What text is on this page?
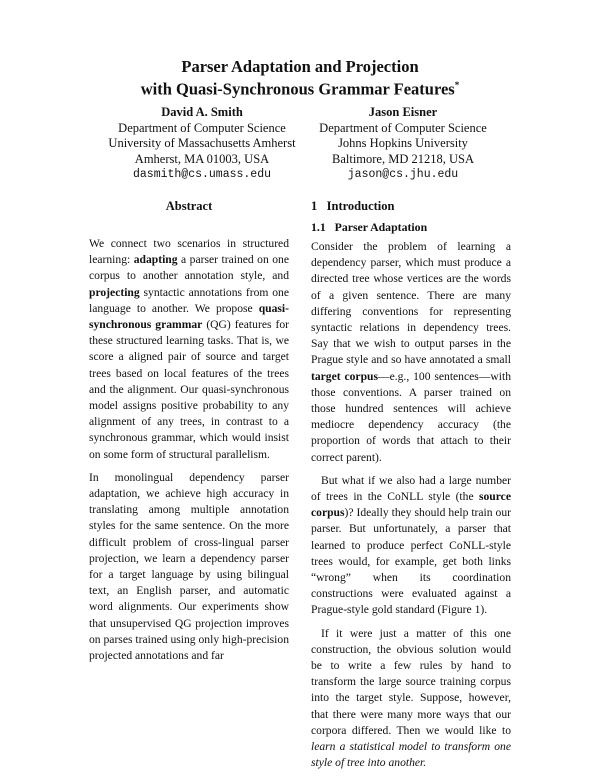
Parser Adaptation and Projection
with Quasi-Synchronous Grammar Features*
David A. Smith
Department of Computer Science
University of Massachusetts Amherst
Amherst, MA 01003, USA
dasmith@cs.umass.edu
Jason Eisner
Department of Computer Science
Johns Hopkins University
Baltimore, MD 21218, USA
jason@cs.jhu.edu
Abstract

We connect two scenarios in structured learning: adapting a parser trained on one corpus to another annotation style, and projecting syntactic annotations from one language to another. We propose quasi-synchronous grammar (QG) features for these structured learning tasks. That is, we score a aligned pair of source and target trees based on local features of the trees and the alignment. Our quasi-synchronous model assigns positive probability to any alignment of any trees, in contrast to a synchronous grammar, which would insist on some form of structural parallelism.

In monolingual dependency parser adaptation, we achieve high accuracy in translating among multiple annotation styles for the same sentence. On the more difficult problem of cross-lingual parser projection, we learn a dependency parser for a target language by using bilingual text, an English parser, and automatic word alignments. Our experiments show that unsupervised QG projection improves on parses trained using only high-precision projected annotations and far

1 Introduction
1.1 Parser Adaptation

Consider the problem of learning a dependency parser, which must produce a directed tree whose vertices are the words of a given sentence. There are many differing conventions for representing syntactic relations in dependency trees. Say that we wish to output parses in the Prague style and so have annotated a small target corpus—e.g., 100 sentences—with those conventions. A parser trained on those hundred sentences will achieve mediocre dependency accuracy (the proportion of words that attach to their correct parent).

But what if we also had a large number of trees in the CoNLL style (the source corpus)? Ideally they should help train our parser. But unfortunately, a parser that learned to produce perfect CoNLL-style trees would, for example, get both links “wrong” when its coordination constructions were evaluated against a Prague-style gold standard (Figure 1).

If it were just a matter of this one construction, the obvious solution would be to write a few rules by hand to transform the large source training corpus into the target style. Suppose, however, that there were many more ways that our corpora differed. Then we would like to learn a statistical model to transform one style of tree into another.
